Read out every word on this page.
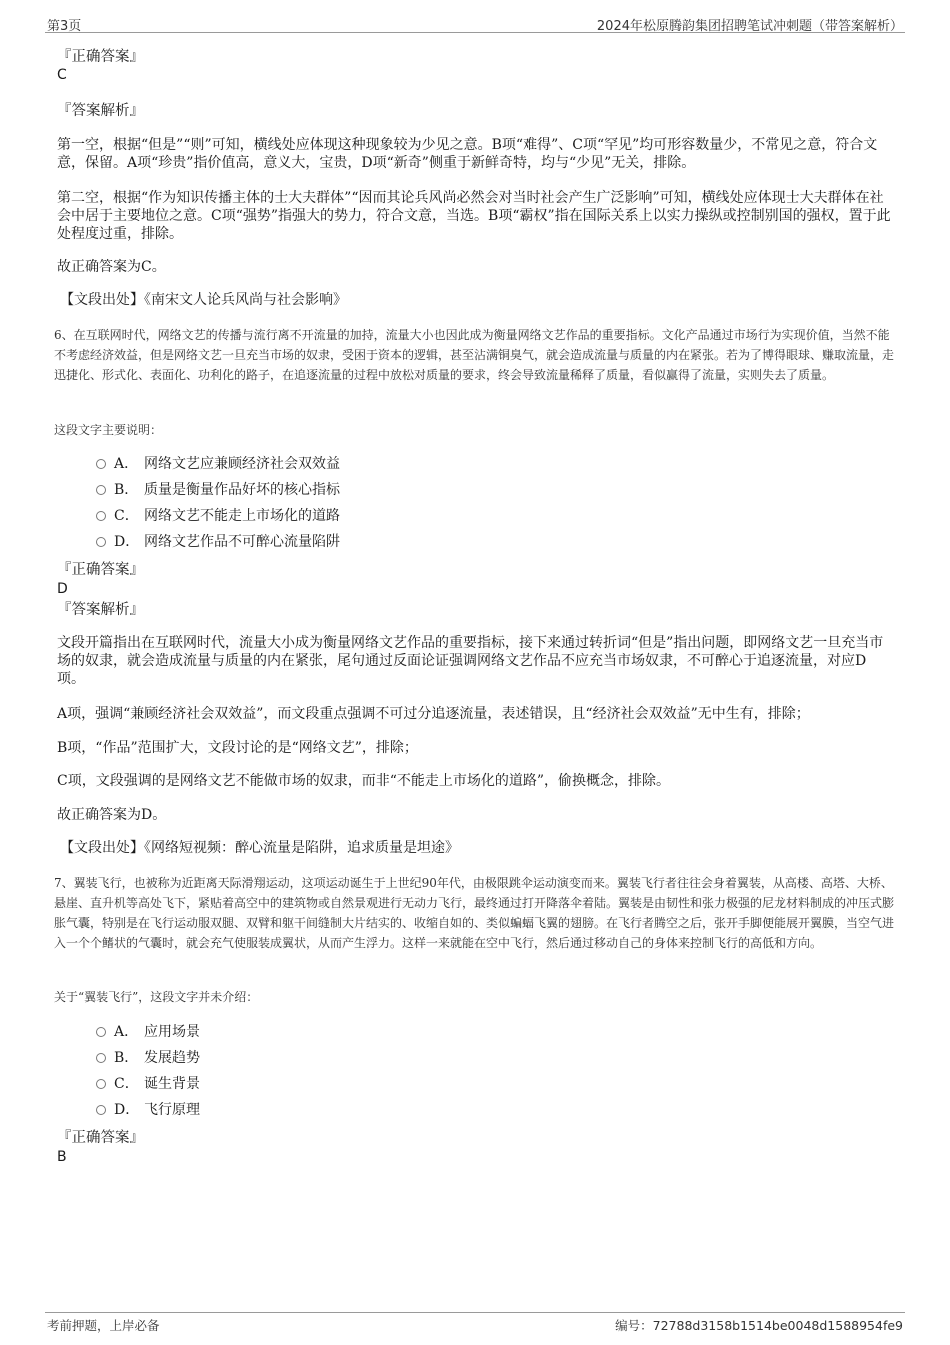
第3页	2024年松原腾韵集团招聘笔试冲刺题（带答案解析）

『正确答案』

C

『答案解析』

第一空，根据“但是”“则”可知，横线处应体现这种现象较为少见之意。B项“难得”、C项“罕见”均可形容数量少，不常见之意，符合文意，保留。A项“珍贵”指价值高，意义大，宝贵，D项“新奇”侧重于新鲜奇特，均与“少见”无关，排除。

第二空，根据“作为知识传播主体的士大夫群体”“因而其论兵风尚必然会对当时社会产生广泛影响”可知，横线处应体现士大夫群体在社会中居于主要地位之意。C项“强势”指强大的势力，符合文意，当选。B项“霸权”指在国际关系上以实力操纵或控制别国的强权，置于此处程度过重，排除。

故正确答案为C。

【文段出处】《南宋文人论兵风尚与社会影响》

6、在互联网时代，网络文艺的传播与流行离不开流量的加持，流量大小也因此成为衡量网络文艺作品的重要指标。文化产品通过市场行为实现价值，当然不能不考虑经济效益，但是网络文艺一旦充当市场的奴隶，受困于资本的逻辑，甚至沾满铜臭气，就会造成流量与质量的内在紧张。若为了博得眼球、赚取流量，走迅捷化、形式化、表面化、功利化的路子，在追逐流量的过程中放松对质量的要求，终会导致流量稀释了质量，看似赢得了流量，实则失去了质量。

这段文字主要说明：

A． 网络文艺应兼顾经济社会双效益
B． 质量是衡量作品好坏的核心指标
C． 网络文艺不能走上市场化的道路
D． 网络文艺作品不可醉心流量陷阱

『正确答案』

D

『答案解析』

文段开篇指出在互联网时代，流量大小成为衡量网络文艺作品的重要指标，接下来通过转折词“但是”指出问题，即网络文艺一旦充当市场的奴隶，就会造成流量与质量的内在紧张，尾句通过反面论证强调网络文艺作品不应充当市场奴隶，不可醉心于追逐流量，对应D项。

A项，强调“兼顾经济社会双效益”，而文段重点强调不可过分追逐流量，表述错误，且“经济社会双效益”无中生有，排除；

B项，“作品”范围扩大，文段讨论的是“网络文艺”，排除；

C项，文段强调的是网络文艺不能做市场的奴隶，而非“不能走上市场化的道路”，偷换概念，排除。

故正确答案为D。

【文段出处】《网络短视频：醉心流量是陷阱，追求质量是坦途》

7、翼装飞行，也被称为近距离天际滑翔运动，这项运动诞生于上世纪90年代，由极限跳伞运动演变而来。翼装飞行者往往会身着翼装，从高楼、高塔、大桥、悬崖、直升机等高处飞下，紧贴着高空中的建筑物或自然景观进行无动力飞行，最终通过打开降落伞着陆。翼装是由韧性和张力极强的尼龙材料制成的冲压式膨胀气囊，特别是在飞行运动服双腿、双臂和躯干间缝制大片结实的、收缩自如的、类似蝙蝠飞翼的翅膀。在飞行者腾空之后，张开手脚便能展开翼膜，当空气进入一个个鳍状的气囊时，就会充气使服装成翼状，从而产生浮力。这样一来就能在空中飞行，然后通过移动自己的身体来控制飞行的高低和方向。

关于“翼装飞行”，这段文字并未介绍：

A． 应用场景
B． 发展趋势
C． 诞生背景
D． 飞行原理

『正确答案』

B

考前押题，上岸必备	编号：72788d3158b1514be0048d1588954fe9
